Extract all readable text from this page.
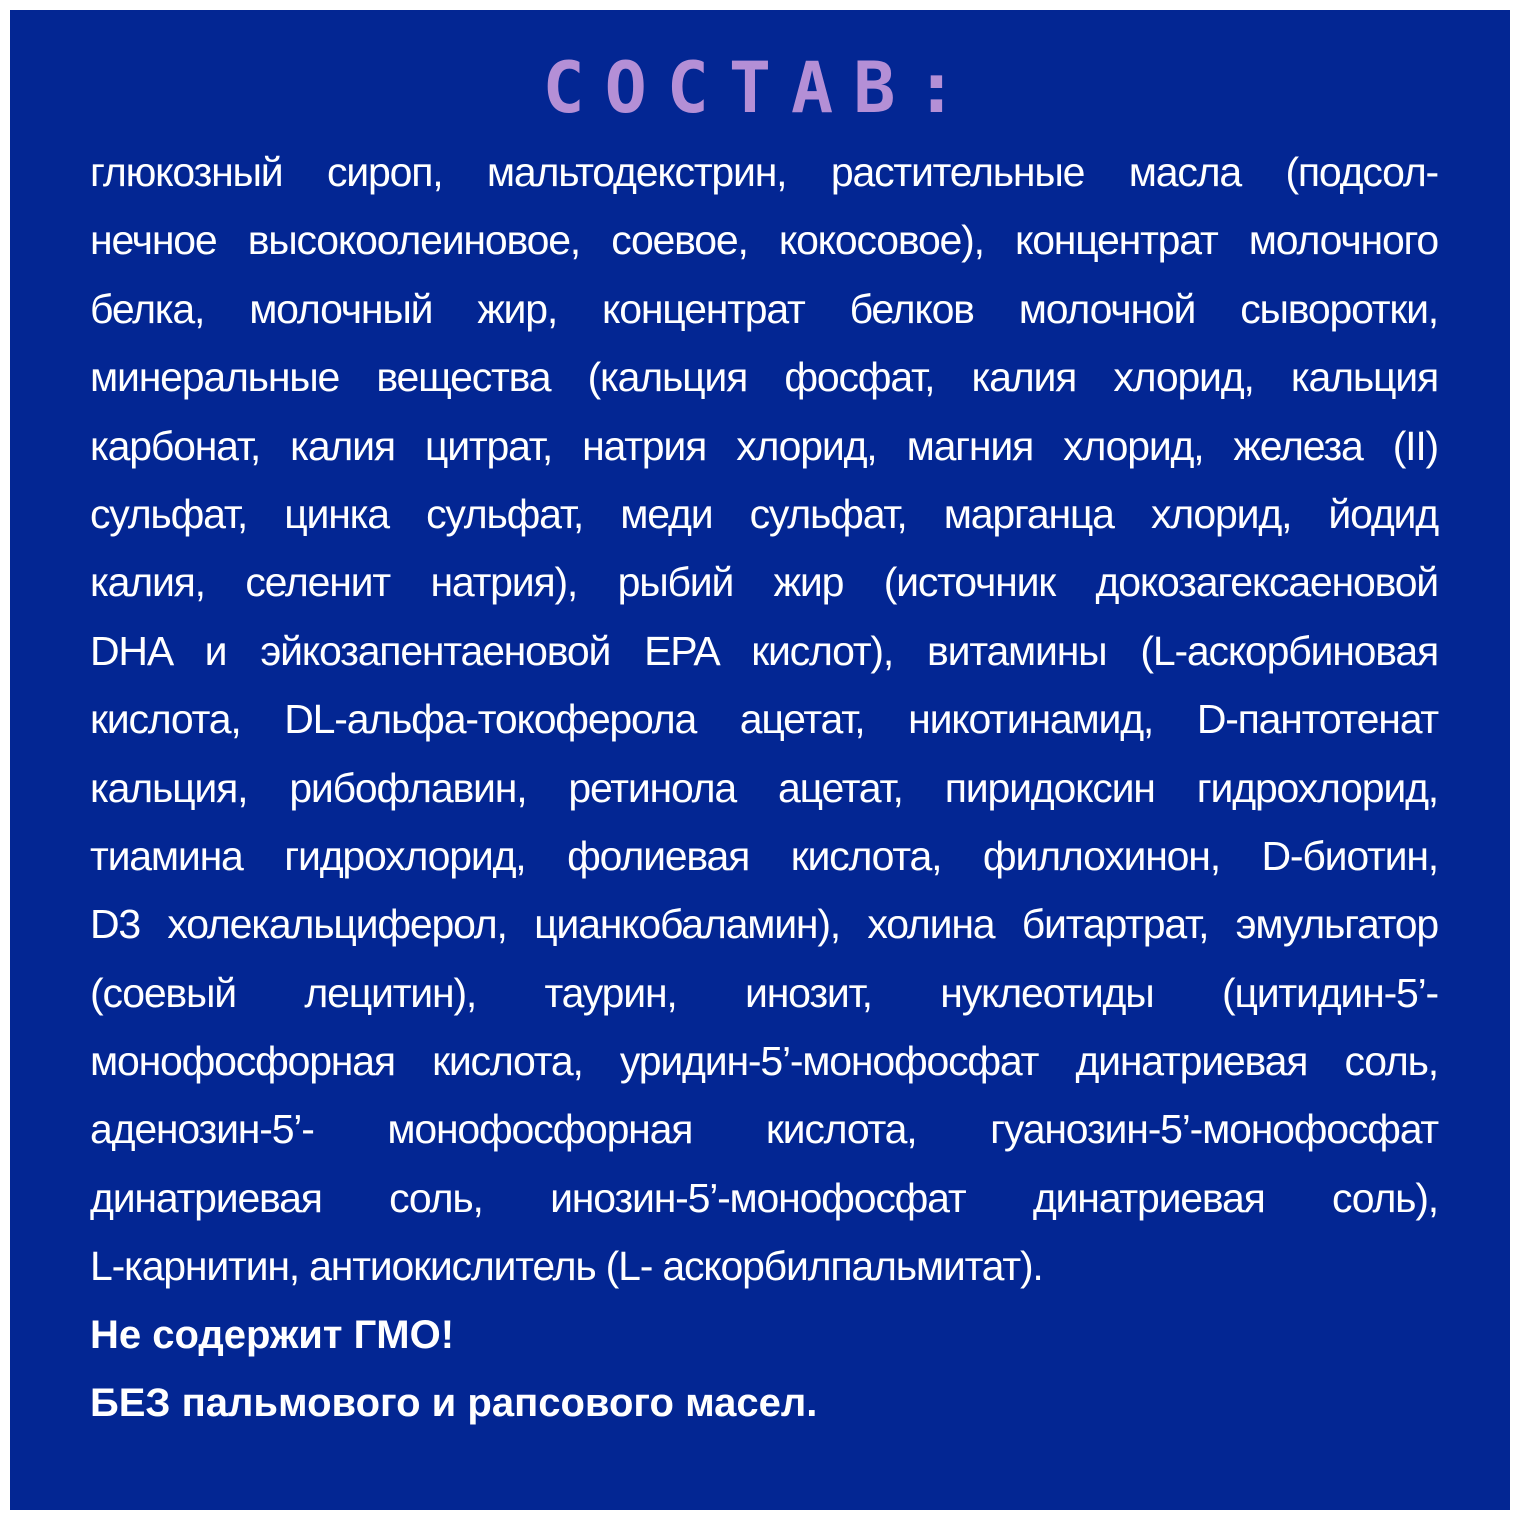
СОСТАВ:
глюкозный сироп, мальтодекстрин, растительные масла (подсол-
нечное высокоолеиновое, соевое, кокосовое), концентрат молочного
белка, молочный жир, концентрат белков молочной сыворотки,
минеральные вещества (кальция фосфат, калия хлорид, кальция
карбонат, калия цитрат, натрия хлорид, магния хлорид, железа (II)
сульфат, цинка сульфат, меди сульфат, марганца хлорид, йодид
калия, селенит натрия), рыбий жир (источник докозагексаеновой
DHA и эйкозапентаеновой EPA кислот), витамины (L-аскорбиновая
кислота, DL-альфа-токоферола ацетат, никотинамид, D-пантотенат
кальция, рибофлавин, ретинола ацетат, пиридоксин гидрохлорид,
тиамина гидрохлорид, фолиевая кислота, филлохинон, D-биотин,
D3 холекальциферол, цианкобаламин), холина битартрат, эмульгатор
(соевый лецитин), таурин, инозит, нуклеотиды (цитидин-5’-
монофосфорная кислота, уридин-5’-монофосфат динатриевая соль,
аденозин-5’- монофосфорная кислота, гуанозин-5’-монофосфат
динатриевая соль, инозин-5’-монофосфат динатриевая соль),
L-карнитин, антиокислитель (L- аскорбилпальмитат).
Не содержит ГМО!
БЕЗ пальмового и рапсового масел.
